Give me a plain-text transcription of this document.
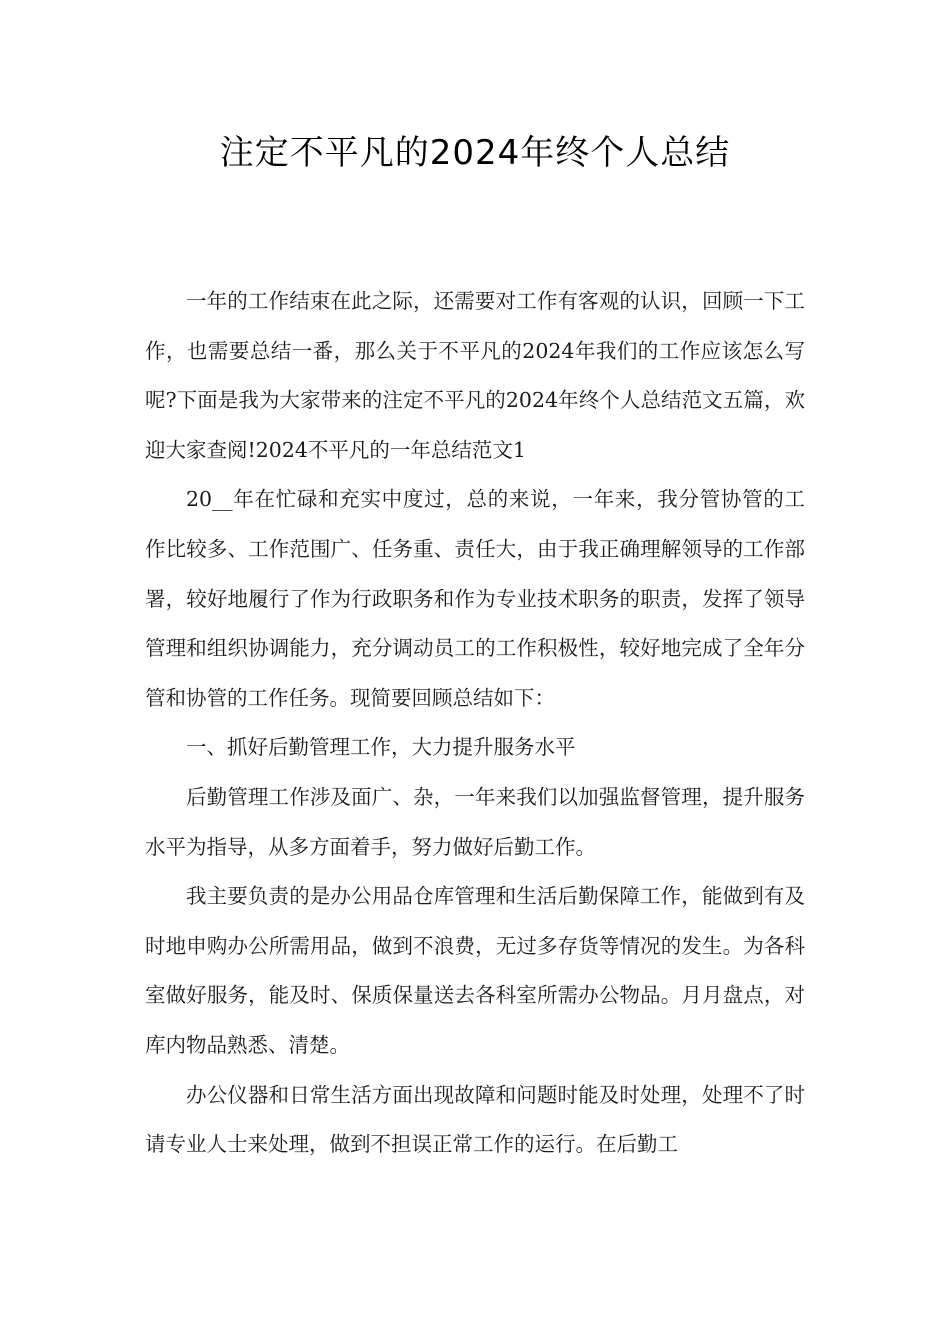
注定不平凡的2024年终个人总结

一年的工作结束在此之际，还需要对工作有客观的认识，回顾一下工作，也需要总结一番，那么关于不平凡的2024年我们的工作应该怎么写呢?下面是我为大家带来的注定不平凡的2024年终个人总结范文五篇，欢迎大家查阅!2024不平凡的一年总结范文1

20__年在忙碌和充实中度过，总的来说，一年来，我分管协管的工作比较多、工作范围广、任务重、责任大，由于我正确理解领导的工作部署，较好地履行了作为行政职务和作为专业技术职务的职责，发挥了领导管理和组织协调能力，充分调动员工的工作积极性，较好地完成了全年分管和协管的工作任务。现简要回顾总结如下：

一、抓好后勤管理工作，大力提升服务水平

后勤管理工作涉及面广、杂，一年来我们以加强监督管理，提升服务水平为指导，从多方面着手，努力做好后勤工作。

我主要负责的是办公用品仓库管理和生活后勤保障工作，能做到有及时地申购办公所需用品，做到不浪费，无过多存货等情况的发生。为各科室做好服务，能及时、保质保量送去各科室所需办公物品。月月盘点，对库内物品熟悉、清楚。

办公仪器和日常生活方面出现故障和问题时能及时处理，处理不了时请专业人士来处理，做到不担误正常工作的运行。在后勤工
